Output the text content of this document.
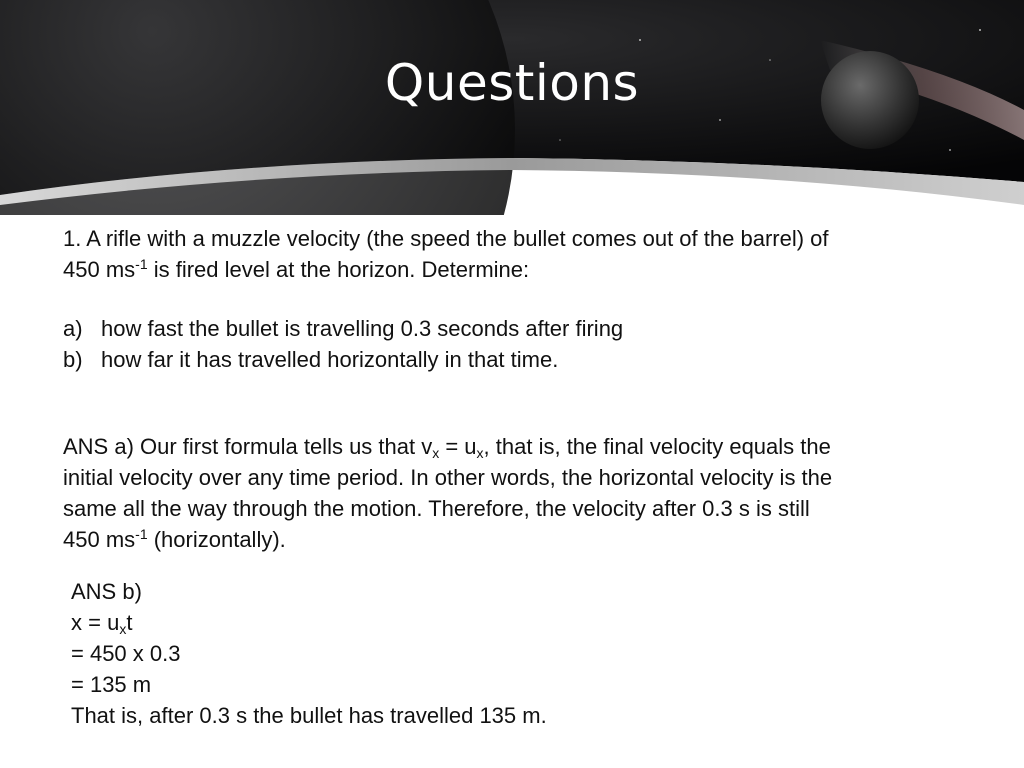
Questions
1. A rifle with a muzzle velocity (the speed the bullet comes out of the barrel) of
450 $ms^{-1}$ is fired level at the horizon. Determine:
a) how fast the bullet is travelling 0.3 seconds after firing
b) how far it has travelled horizontally in that time.
ANS a) Our first formula tells us that $v_x = u_x$, that is, the final velocity equals the
initial velocity over any time period. In other words, the horizontal velocity is the
same all the way through the motion. Therefore, the velocity after 0.3 s is still
450 $ms^{-1}$ (horizontally).
ANS b)
$x = u_xt$
= 450 x 0.3
= 135 m
That is, after 0.3 s the bullet has travelled 135 m.
